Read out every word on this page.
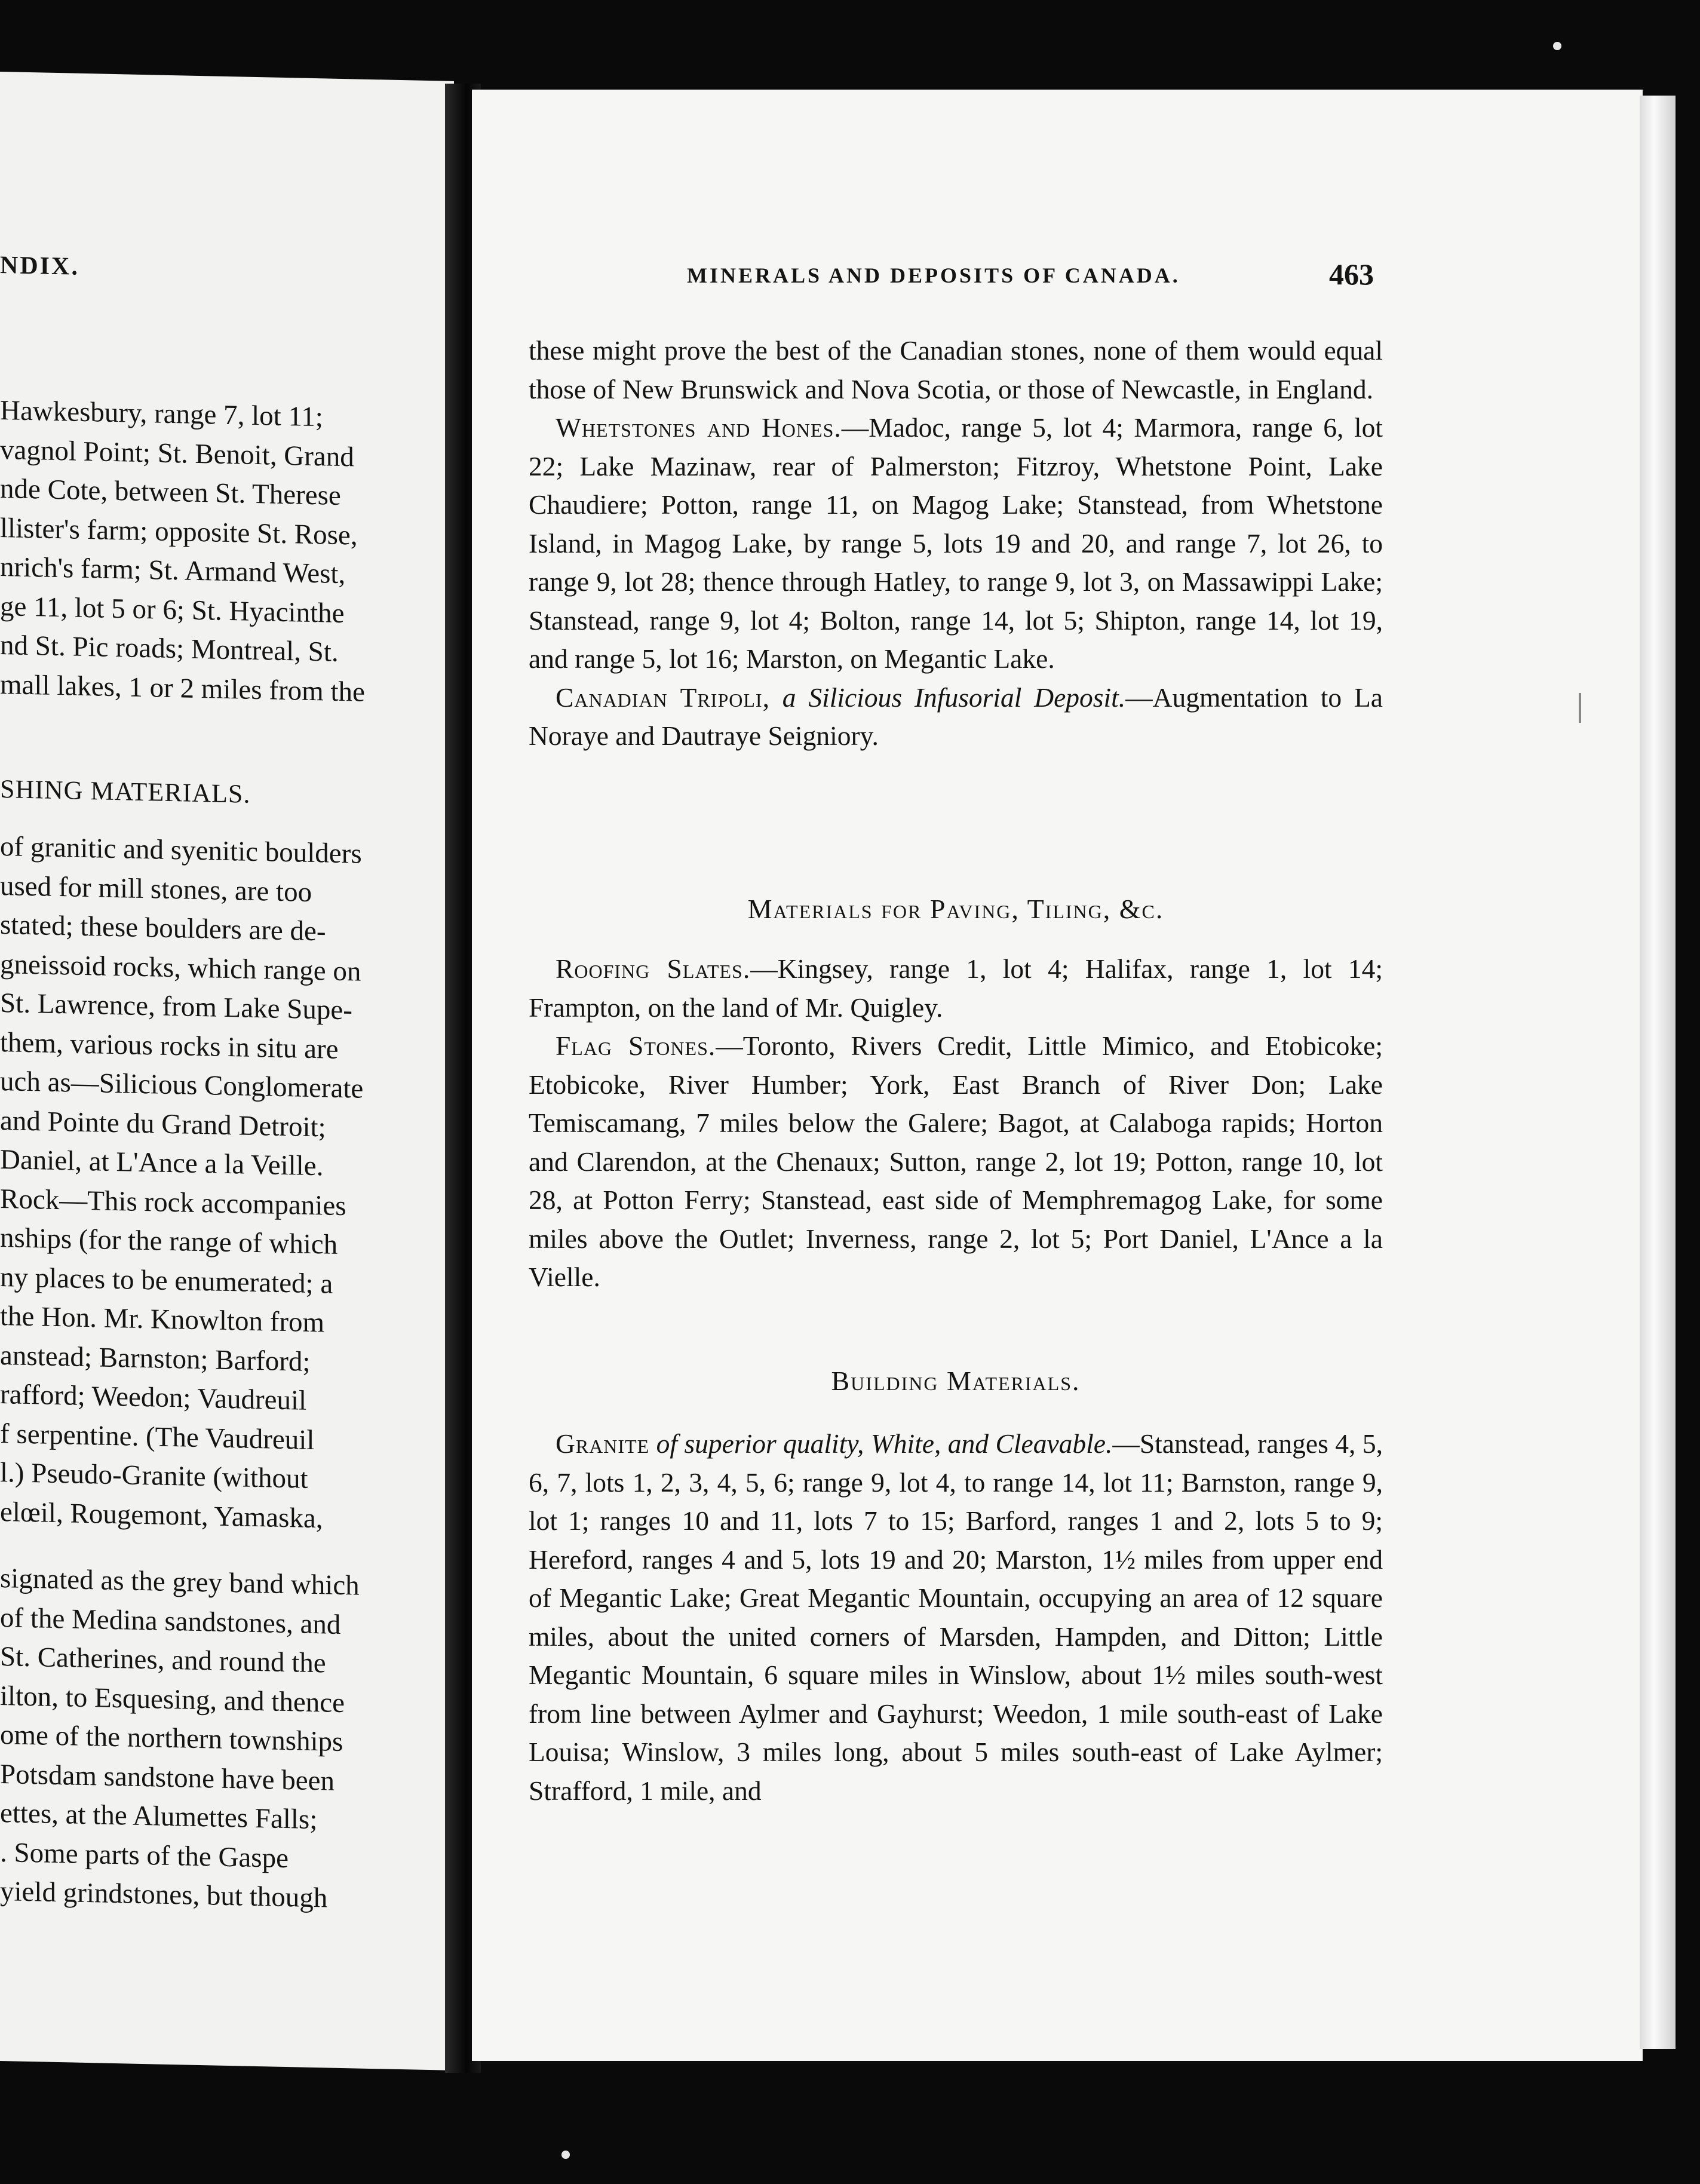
NDIX.
Hawkesbury, range 7, lot 11;
vagnol Point; St. Benoit, Grand
nde Cote, between St. Therese
llister's farm; opposite St. Rose,
nrich's farm; St. Armand West,
ge 11, lot 5 or 6; St. Hyacinthe
nd St. Pic roads; Montreal, St.
mall lakes, 1 or 2 miles from the
SHING MATERIALS.
of granitic and syenitic boulders
used for mill stones, are too
stated; these boulders are de-
gneissoid rocks, which range on
St. Lawrence, from Lake Supe-
them, various rocks in situ are
uch as—Silicious Conglomerate
and Pointe du Grand Detroit;
Daniel, at L'Ance a la Veille.
Rock—This rock accompanies
nships (for the range of which
ny places to be enumerated; a
the Hon. Mr. Knowlton from
anstead; Barnston; Barford;
rafford; Weedon; Vaudreuil
f serpentine. (The Vaudreuil
l.) Pseudo-Granite (without
elœil, Rougemont, Yamaska,
signated as the grey band which
of the Medina sandstones, and
St. Catherines, and round the
ilton, to Esquesing, and thence
ome of the northern townships
Potsdam sandstone have been
ettes, at the Alumettes Falls;
. Some parts of the Gaspe
yield grindstones, but though
MINERALS AND DEPOSITS OF CANADA.	463

these might prove the best of the Canadian stones, none of them would equal those of New Brunswick and Nova Scotia, or those of Newcastle, in England.

Whetstones and Hones.—Madoc, range 5, lot 4; Marmora, range 6, lot 22; Lake Mazinaw, rear of Palmerston; Fitzroy, Whetstone Point, Lake Chaudiere; Potton, range 11, on Magog Lake; Stanstead, from Whetstone Island, in Magog Lake, by range 5, lots 19 and 20, and range 7, lot 26, to range 9, lot 28; thence through Hatley, to range 9, lot 3, on Massawippi Lake; Stanstead, range 9, lot 4; Bolton, range 14, lot 5; Shipton, range 14, lot 19, and range 5, lot 16; Marston, on Megantic Lake.

Canadian Tripoli, a Silicious Infusorial Deposit.—Augmentation to La Noraye and Dautraye Seigniory.

Materials for Paving, Tiling, &c.

Roofing Slates.—Kingsey, range 1, lot 4; Halifax, range 1, lot 14; Frampton, on the land of Mr. Quigley.

Flag Stones.—Toronto, Rivers Credit, Little Mimico, and Etobicoke; Etobicoke, River Humber; York, East Branch of River Don; Lake Temiscamang, 7 miles below the Galere; Bagot, at Calaboga rapids; Horton and Clarendon, at the Chenaux; Sutton, range 2, lot 19; Potton, range 10, lot 28, at Potton Ferry; Stanstead, east side of Memphremagog Lake, for some miles above the Outlet; Inverness, range 2, lot 5; Port Daniel, L'Ance a la Vielle.

Building Materials.

Granite of superior quality, White, and Cleavable.—Stanstead, ranges 4, 5, 6, 7, lots 1, 2, 3, 4, 5, 6; range 9, lot 4, to range 14, lot 11; Barnston, range 9, lot 1; ranges 10 and 11, lots 7 to 15; Barford, ranges 1 and 2, lots 5 to 9; Hereford, ranges 4 and 5, lots 19 and 20; Marston, 1½ miles from upper end of Megantic Lake; Great Megantic Mountain, occupying an area of 12 square miles, about the united corners of Marsden, Hampden, and Ditton; Little Megantic Mountain, 6 square miles in Winslow, about 1½ miles south-west from line between Aylmer and Gayhurst; Weedon, 1 mile south-east of Lake Louisa; Winslow, 3 miles long, about 5 miles south-east of Lake Aylmer; Strafford, 1 mile, and
